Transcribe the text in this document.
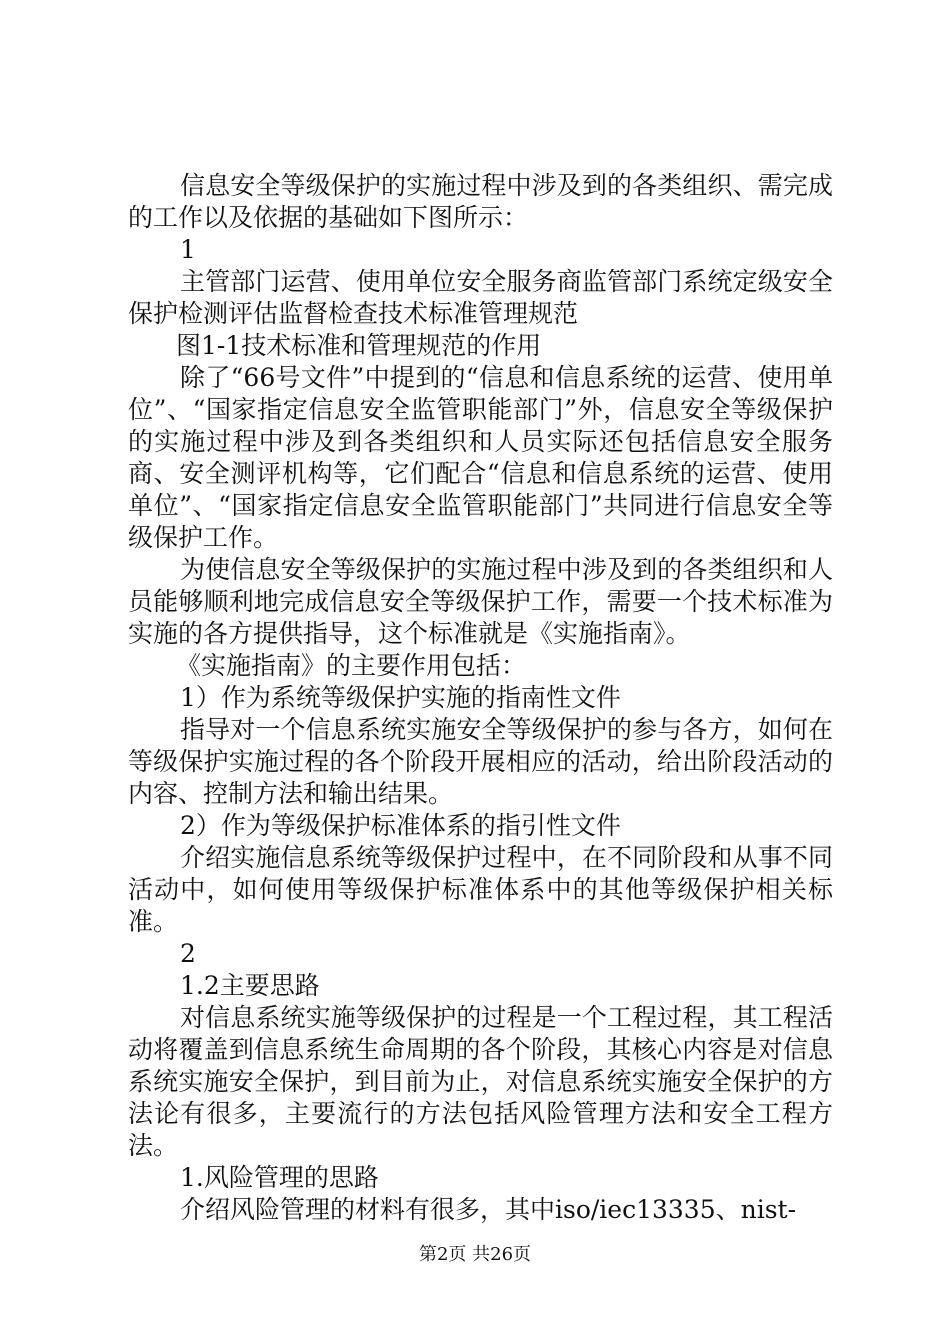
信息安全等级保护的实施过程中涉及到的各类组织、需完成的工作以及依据的基础如下图所示：

1

主管部门运营、使用单位安全服务商监管部门系统定级安全保护检测评估监督检查技术标准管理规范

图1-1技术标准和管理规范的作用

除了“66号文件”中提到的“信息和信息系统的运营、使用单位”、“国家指定信息安全监管职能部门”外，信息安全等级保护的实施过程中涉及到各类组织和人员实际还包括信息安全服务商、安全测评机构等，它们配合“信息和信息系统的运营、使用单位”、“国家指定信息安全监管职能部门”共同进行信息安全等级保护工作。

为使信息安全等级保护的实施过程中涉及到的各类组织和人员能够顺利地完成信息安全等级保护工作，需要一个技术标准为实施的各方提供指导，这个标准就是《实施指南》。

《实施指南》的主要作用包括：

1）作为系统等级保护实施的指南性文件

指导对一个信息系统实施安全等级保护的参与各方，如何在等级保护实施过程的各个阶段开展相应的活动，给出阶段活动的内容、控制方法和输出结果。

2）作为等级保护标准体系的指引性文件

介绍实施信息系统等级保护过程中，在不同阶段和从事不同活动中，如何使用等级保护标准体系中的其他等级保护相关标准。

2

1.2主要思路

对信息系统实施等级保护的过程是一个工程过程，其工程活动将覆盖到信息系统生命周期的各个阶段，其核心内容是对信息系统实施安全保护，到目前为止，对信息系统实施安全保护的方法论有很多，主要流行的方法包括风险管理方法和安全工程方法。

1.风险管理的思路

介绍风险管理的材料有很多，其中iso/iec13335、nist-

第2页 共26页
